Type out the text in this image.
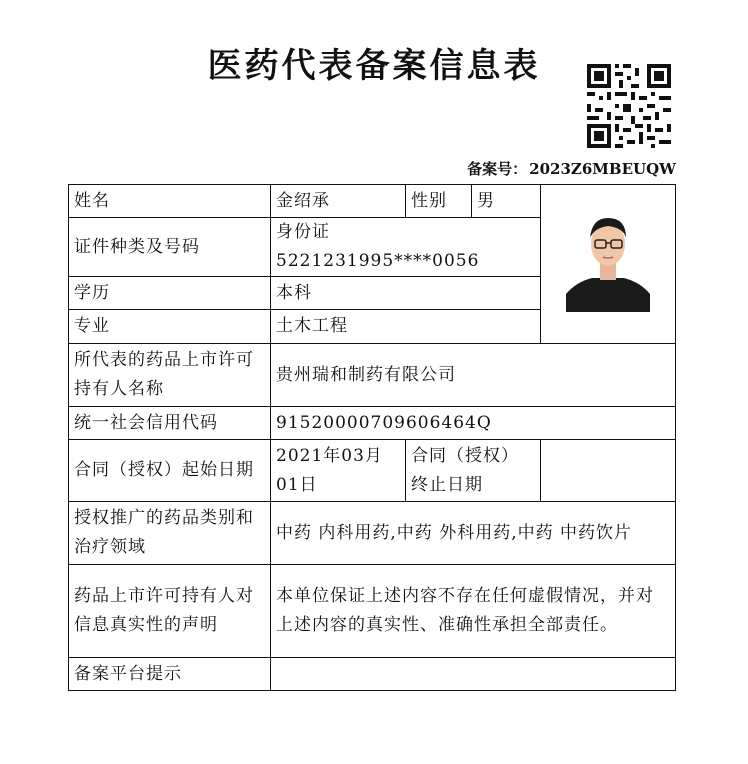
医药代表备案信息表
备案号： 2023Z6MBEUQW
姓名	金绍承	性别	男	
证件种类及号码	身份证 5221231995****0056			
学历	本科			
专业	土木工程			
所代表的药品上市许可持有人名称	贵州瑞和制药有限公司			
统一社会信用代码	91520000709606464Q			
合同（授权）起始日期	2021年03月01日	合同（授权）终止日期		
授权推广的药品类别和治疗领域	中药 内科用药,中药 外科用药,中药 中药饮片			
药品上市许可持有人对信息真实性的声明	本单位保证上述内容不存在任何虚假情况，并对上述内容的真实性、准确性承担全部责任。			
备案平台提示				
